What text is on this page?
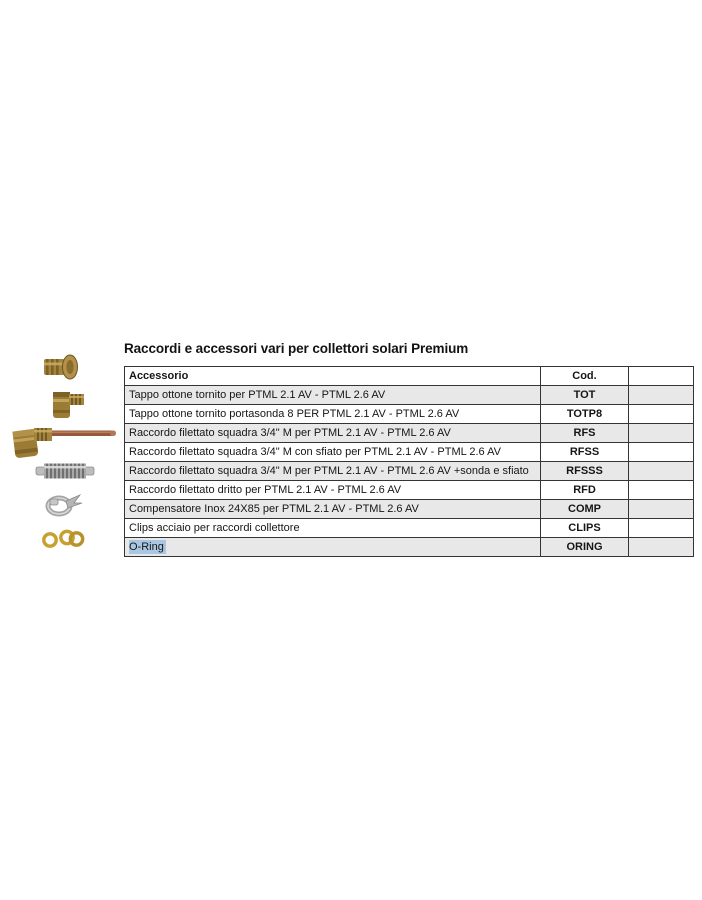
Raccordi e accessori vari per collettori solari Premium
Accessorio	Cod.	
Tappo ottone tornito per PTML 2.1 AV - PTML 2.6 AV	TOT	
Tappo ottone tornito portasonda 8 PER PTML 2.1 AV - PTML 2.6 AV	TOTP8	
Raccordo filettato squadra 3/4" M per PTML 2.1 AV - PTML 2.6 AV	RFS	
Raccordo filettato squadra 3/4" M con sfiato per PTML 2.1 AV - PTML 2.6 AV	RFSS	
Raccordo filettato squadra 3/4" M per PTML 2.1 AV - PTML 2.6 AV +sonda e sfiato	RFSSS	
Raccordo filettato dritto per PTML 2.1 AV - PTML 2.6 AV	RFD	
Compensatore Inox 24X85 per PTML 2.1 AV - PTML 2.6 AV	COMP	
Clips acciaio per raccordi collettore	CLIPS	
O-Ring	ORING	
